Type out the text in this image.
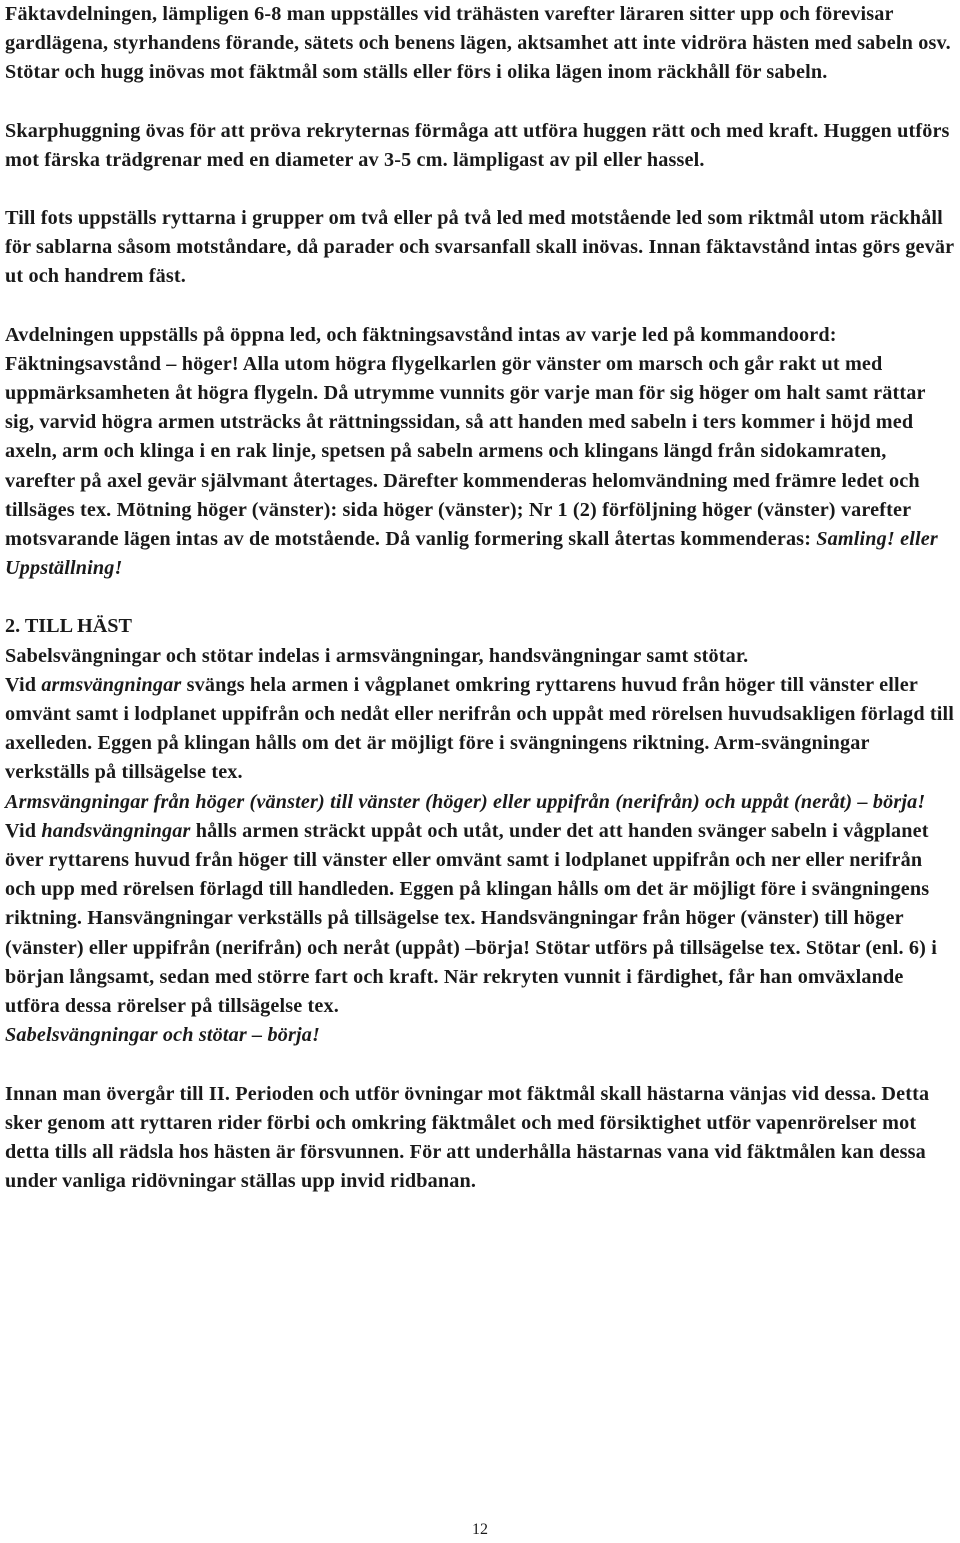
Fäktavdelningen, lämpligen 6-8 man uppställes vid trähästen varefter läraren sitter upp och förevisar gardlägena, styrhandens förande, sätets och benens lägen, aktsamhet att inte vidröra hästen med sabeln osv. Stötar och hugg inövas mot fäktmål som ställs eller förs i olika lägen inom räckhåll för sabeln.

Skarphuggning övas för att pröva rekryternas förmåga att utföra huggen rätt och med kraft. Huggen utförs mot färska trädgrenar med en diameter av 3-5 cm. lämpligast av pil eller hassel.

Till fots uppställs ryttarna i grupper om två eller på två led med motstående led som riktmål utom räckhåll för sablarna såsom motståndare, då parader och svarsanfall skall inövas. Innan fäktavstånd intas görs gevär ut och handrem fäst.

Avdelningen uppställs på öppna led, och fäktningsavstånd intas av varje led på kommandoord: Fäktningsavstånd – höger! Alla utom högra flygelkarlen gör vänster om marsch och går rakt ut med uppmärksamheten åt högra flygeln. Då utrymme vunnits gör varje man för sig höger om halt samt rättar sig, varvid högra armen utsträcks åt rättningssidan, så att handen med sabeln i ters kommer i höjd med axeln, arm och klinga i en rak linje, spetsen på sabeln armens och klingans längd från sidokamraten, varefter på axel gevär självmant återtages. Därefter kommenderas helomvändning med främre ledet och tillsäges tex. Mötning höger (vänster): sida höger (vänster); Nr 1 (2) förföljning höger (vänster) varefter motsvarande lägen intas av de motstående. Då vanlig formering skall återtas kommenderas: Samling! eller Uppställning!

2. TILL HÄST

Sabelsvängningar och stötar indelas i armsvängningar, handsvängningar samt stötar.
Vid armsvängningar svängs hela armen i vågplanet omkring ryttarens huvud från höger till vänster eller omvänt samt i lodplanet uppifrån och nedåt eller nerifrån och uppåt med rörelsen huvudsakligen förlagd till axelleden. Eggen på klingan hålls om det är möjligt före i svängningens riktning. Arm-svängningar verkställs på tillsägelse tex.
Armsvängningar från höger (vänster) till vänster (höger) eller uppifrån (nerifrån) och uppåt (neråt) – börja!

Vid handsvängningar hålls armen sträckt uppåt och utåt, under det att handen svänger sabeln i vågplanet över ryttarens huvud från höger till vänster eller omvänt samt i lodplanet uppifrån och ner eller nerifrån och upp med rörelsen förlagd till handleden. Eggen på klingan hålls om det är möjligt före i svängningens riktning. Hansvängningar verkställs på tillsägelse tex. Handsvängningar från höger (vänster) till höger (vänster) eller uppifrån (nerifrån) och neråt (uppåt) –börja! Stötar utförs på tillsägelse tex. Stötar (enl. 6) i början långsamt, sedan med större fart och kraft. När rekryten vunnit i färdighet, får han omväxlande utföra dessa rörelser på tillsägelse tex.
Sabelsvängningar och stötar – börja!

Innan man övergår till II. Perioden och utför övningar mot fäktmål skall hästarna vänjas vid dessa. Detta sker genom att ryttaren rider förbi och omkring fäktmålet och med försiktighet utför vapenrörelser mot detta tills all rädsla hos hästen är försvunnen. För att underhålla hästarnas vana vid fäktmålen kan dessa under vanliga ridövningar ställas upp invid ridbanan.

12
